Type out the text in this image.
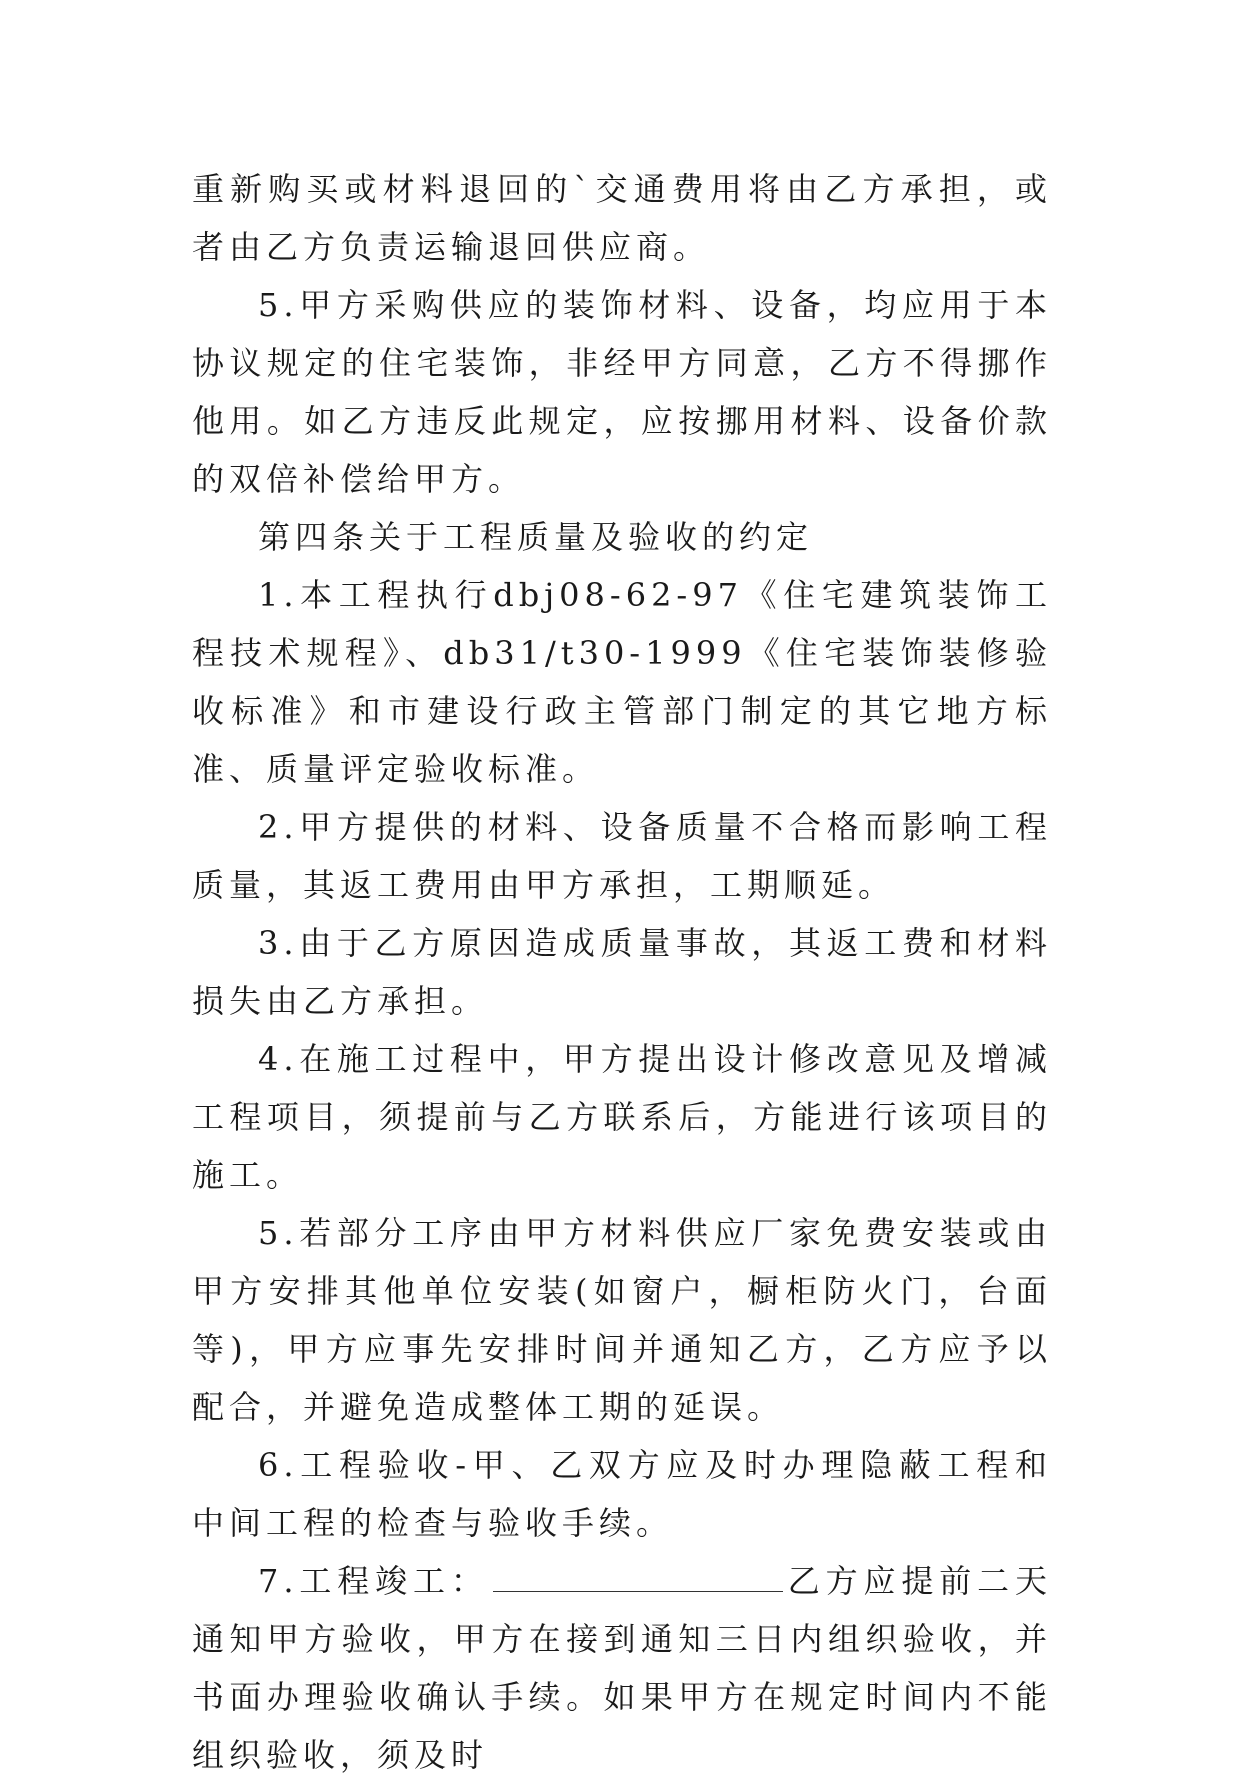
重新购买或材料退回的`交通费用将由乙方承担，或者由乙方负责运输退回供应商。

5.甲方采购供应的装饰材料、设备，均应用于本协议规定的住宅装饰，非经甲方同意，乙方不得挪作他用。如乙方违反此规定，应按挪用材料、设备价款的双倍补偿给甲方。

第四条关于工程质量及验收的约定

1.本工程执行dbj08-62-97《住宅建筑装饰工程技术规程》、db31/t30-1999《住宅装饰装修验收标准》和市建设行政主管部门制定的其它地方标准、质量评定验收标准。

2.甲方提供的材料、设备质量不合格而影响工程质量，其返工费用由甲方承担，工期顺延。

3.由于乙方原因造成质量事故，其返工费和材料损失由乙方承担。

4.在施工过程中，甲方提出设计修改意见及增减工程项目，须提前与乙方联系后，方能进行该项目的施工。

5.若部分工序由甲方材料供应厂家免费安装或由甲方安排其他单位安装(如窗户，橱柜防火门，台面等)，甲方应事先安排时间并通知乙方，乙方应予以配合，并避免造成整体工期的延误。

6.工程验收-甲、乙双方应及时办理隐蔽工程和中间工程的检查与验收手续。

7.工程竣工：	乙方应提前二天通知甲方验收，甲方在接到通知三日内组织验收，并书面办理验收确认手续。如果甲方在规定时间内不能组织验收，须及时
